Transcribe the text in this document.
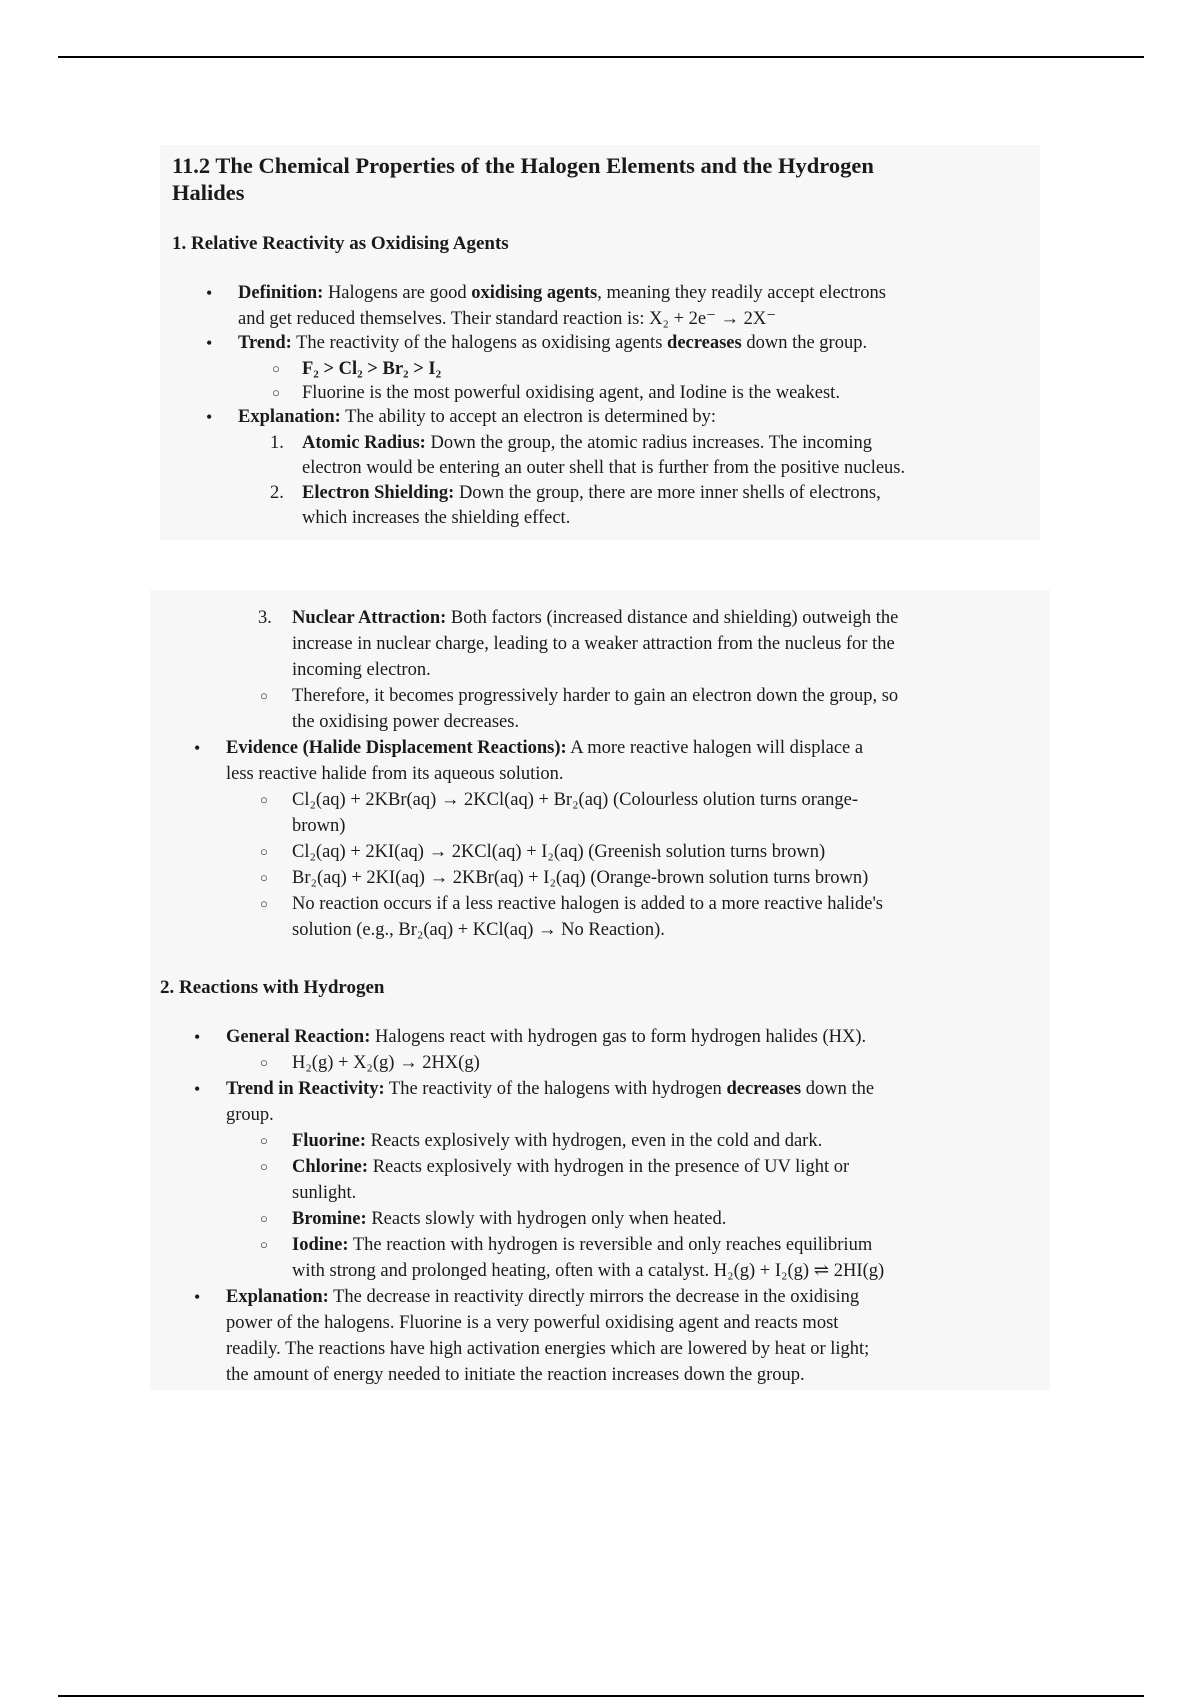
11.2 The Chemical Properties of the Halogen Elements and the Hydrogen
Halides
1. Relative Reactivity as Oxidising Agents
• Definition: Halogens are good oxidising agents, meaning they readily accept electrons
and get reduced themselves. Their standard reaction is: X₂ + 2e⁻ → 2X⁻
• Trend: The reactivity of the halogens as oxidising agents decreases down the group.
○ F₂ > Cl₂ > Br₂ > I₂
○ Fluorine is the most powerful oxidising agent, and Iodine is the weakest.
• Explanation: The ability to accept an electron is determined by:
1. Atomic Radius: Down the group, the atomic radius increases. The incoming
electron would be entering an outer shell that is further from the positive nucleus.
2. Electron Shielding: Down the group, there are more inner shells of electrons,
which increases the shielding effect.
3. Nuclear Attraction: Both factors (increased distance and shielding) outweigh the
increase in nuclear charge, leading to a weaker attraction from the nucleus for the
incoming electron.
○ Therefore, it becomes progressively harder to gain an electron down the group, so
the oxidising power decreases.
• Evidence (Halide Displacement Reactions): A more reactive halogen will displace a
less reactive halide from its aqueous solution.
○ Cl₂(aq) + 2KBr(aq) → 2KCl(aq) + Br₂(aq) (Colourless olution turns orange-
brown)
○ Cl₂(aq) + 2KI(aq) → 2KCl(aq) + I₂(aq) (Greenish solution turns brown)
○ Br₂(aq) + 2KI(aq) → 2KBr(aq) + I₂(aq) (Orange-brown solution turns brown)
○ No reaction occurs if a less reactive halogen is added to a more reactive halide's
solution (e.g., Br₂(aq) + KCl(aq) → No Reaction).
2. Reactions with Hydrogen
• General Reaction: Halogens react with hydrogen gas to form hydrogen halides (HX).
○ H₂(g) + X₂(g) → 2HX(g)
• Trend in Reactivity: The reactivity of the halogens with hydrogen decreases down the
group.
○ Fluorine: Reacts explosively with hydrogen, even in the cold and dark.
○ Chlorine: Reacts explosively with hydrogen in the presence of UV light or
sunlight.
○ Bromine: Reacts slowly with hydrogen only when heated.
○ Iodine: The reaction with hydrogen is reversible and only reaches equilibrium
with strong and prolonged heating, often with a catalyst. H₂(g) + I₂(g) ⇌ 2HI(g)
• Explanation: The decrease in reactivity directly mirrors the decrease in the oxidising
power of the halogens. Fluorine is a very powerful oxidising agent and reacts most
readily. The reactions have high activation energies which are lowered by heat or light;
the amount of energy needed to initiate the reaction increases down the group.
